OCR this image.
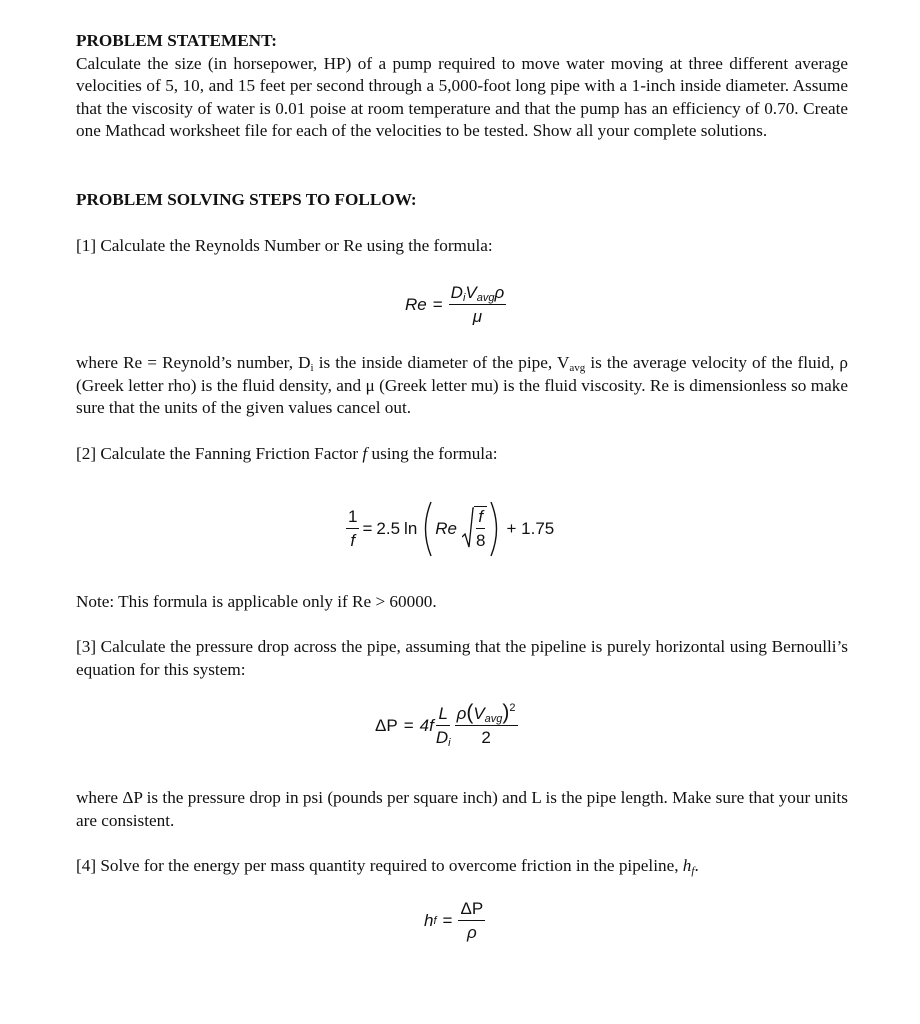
PROBLEM STATEMENT:
Calculate the size (in horsepower, HP) of a pump required to move water moving at three different average velocities of 5, 10, and 15 feet per second through a 5,000-foot long pipe with a 1-inch inside diameter. Assume that the viscosity of water is 0.01 poise at room temperature and that the pump has an efficiency of 0.70. Create one Mathcad worksheet file for each of the velocities to be tested. Show all your complete solutions.
PROBLEM SOLVING STEPS TO FOLLOW:
[1] Calculate the Reynolds Number or Re using the formula:
$Re = \frac{D_iV_{avg}\rho}{\mu}$
where Re = Reynold’s number, $D_i$ is the inside diameter of the pipe, $V_{avg}$ is the average velocity of the fluid, ρ (Greek letter rho) is the fluid density, and μ (Greek letter mu) is the fluid viscosity. Re is dimensionless so make sure that the units of the given values cancel out.
[2] Calculate the Fanning Friction Factor f using the formula:
$\frac{1}{f} = 2.5$ ln Re $\frac{f}{8} + 1.75$
Note: This formula is applicable only if Re > 60000.
[3] Calculate the pressure drop across the pipe, assuming that the pipeline is purely horizontal using Bernoulli’s equation for this system:
$\Delta P = 4f \frac{L}{D_i} \frac{\rho(V_{avg})^2}{2}$
where ΔP is the pressure drop in psi (pounds per square inch) and L is the pipe length. Make sure that your units are consistent.
[4] Solve for the energy per mass quantity required to overcome friction in the pipeline, $h_f$.
h $f = \frac{\Delta P}{\rho}$
